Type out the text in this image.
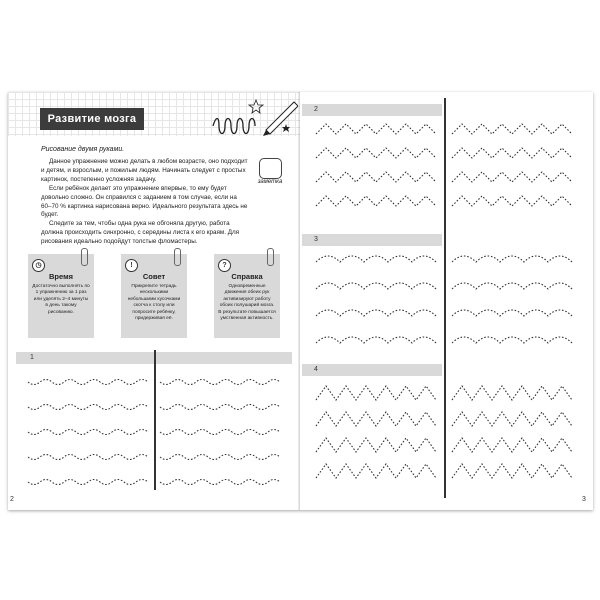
Развитие мозга
Рисование двумя руками.

Данное упражнение можно делать в любом возрасте, оно подходит и детям, и взрослым, и пожилым людям. Начинать следует с простых картинок, постепенно усложняя задачу.

Если ребёнок делает это упражнение впервые, то ему будет довольно сложно. Он справился с заданием в том случае, если на 60–70 % картинка нарисована верно. Идеального результата здесь не будет.

Следите за тем, чтобы одна рука не обгоняла другую, работа должна происходить синхронно, с середины листа к его краям. Для рисования идеально подойдут толстые фломастеры.

заметка
◷
Время
Достаточно выполнять по 1 упражнению за 1 раз или уделять 2–4 минуты в день такому рисованию.
!
Совет
Прикрепите тетрадь несколькими небольшими кусочками скотча к столу или попросите ребёнку, придерживая её.
?
Справка
Одновременные движения обеих рук активизируют работу обоих полушарий мозга. В результате повышается умственная активность.
1
2
2
3
4
3
